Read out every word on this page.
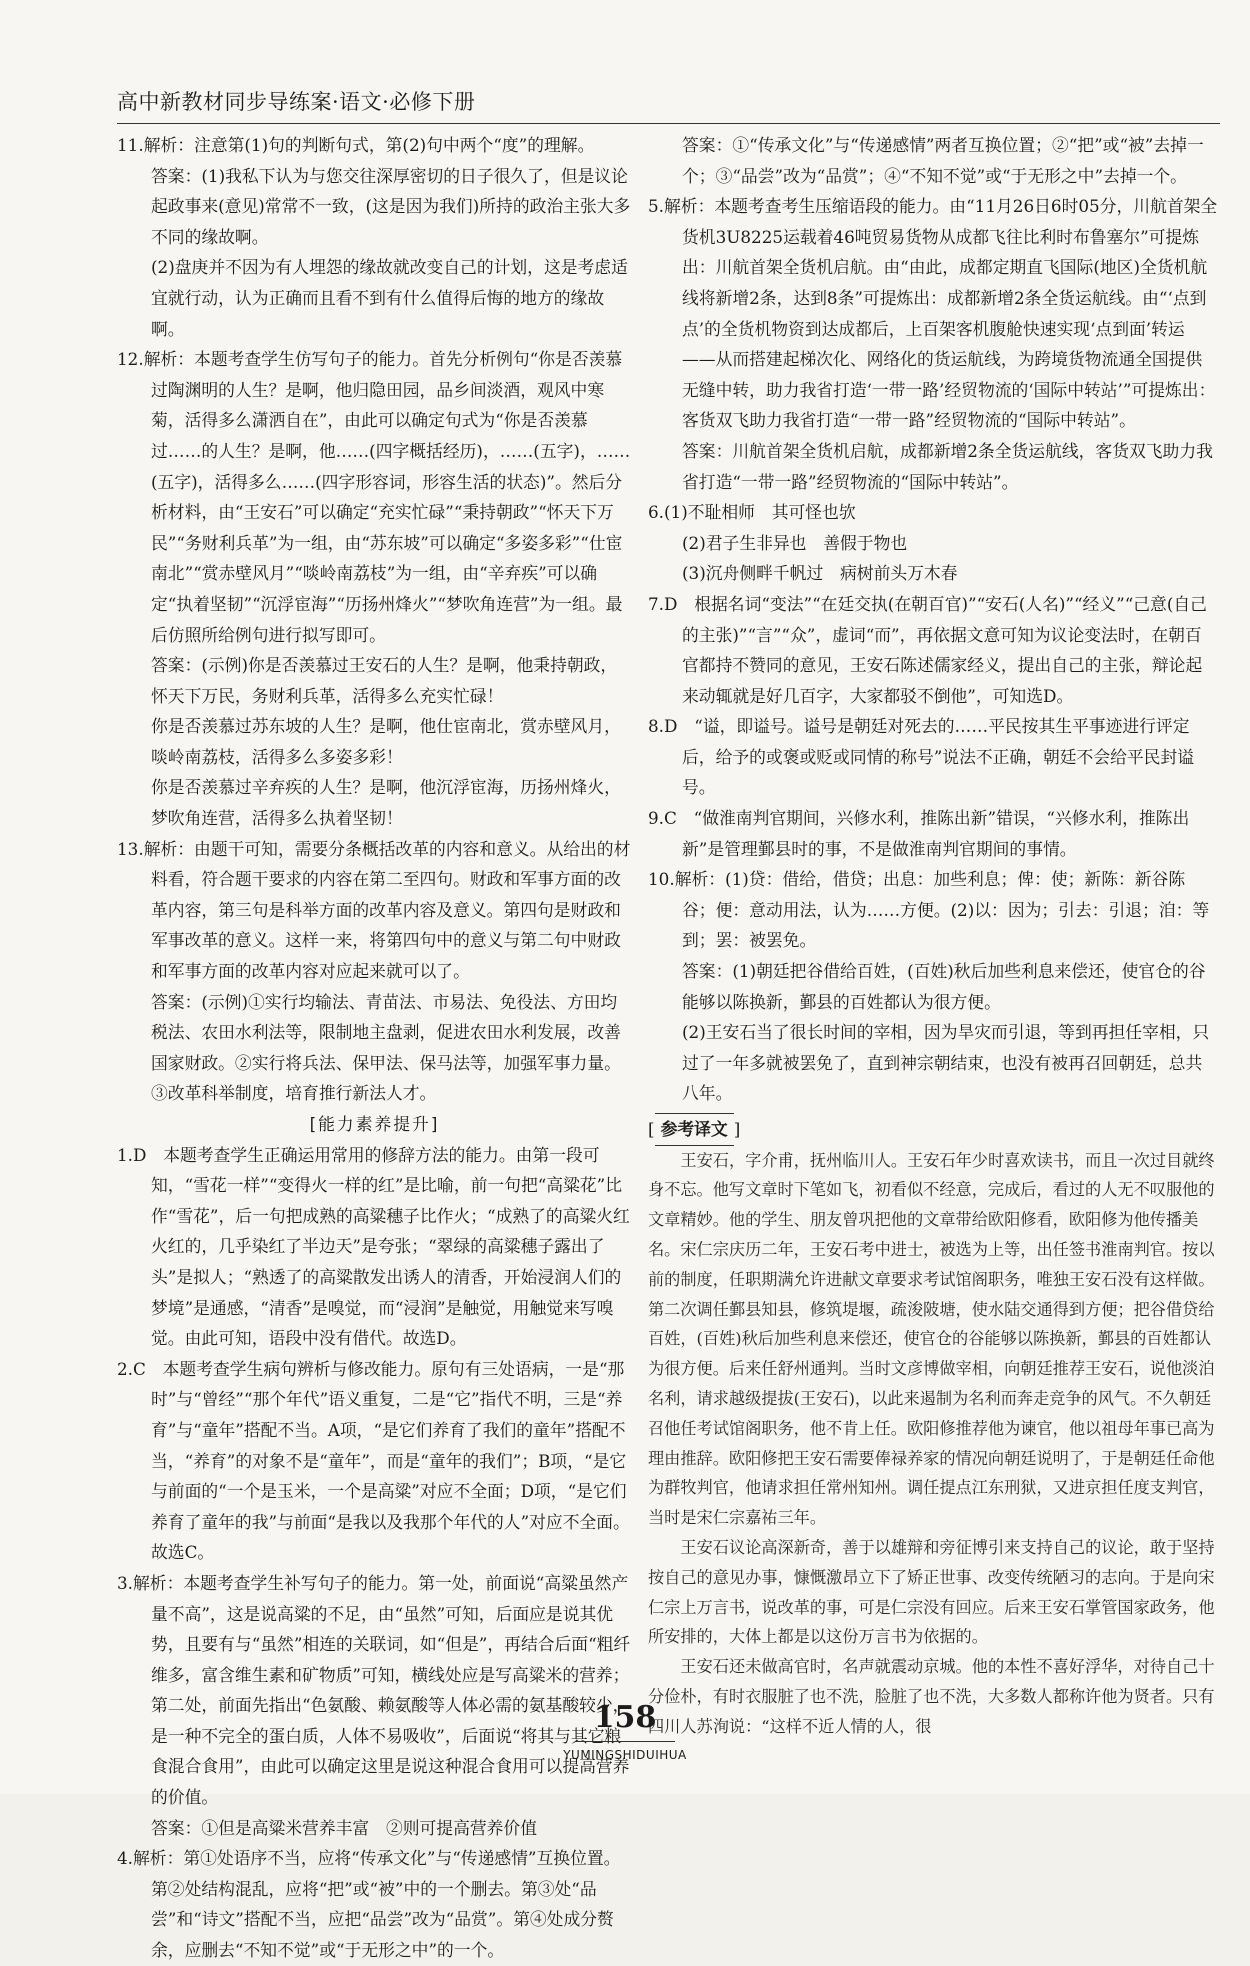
高中新教材同步导练案·语文·必修下册

11.解析：注意第(1)句的判断句式，第(2)句中两个“度”的理解。

答案：(1)我私下认为与您交往深厚密切的日子很久了，但是议论起政事来(意见)常常不一致，(这是因为我们)所持的政治主张大多不同的缘故啊。

(2)盘庚并不因为有人埋怨的缘故就改变自己的计划，这是考虑适宜就行动，认为正确而且看不到有什么值得后悔的地方的缘故啊。

12.解析：本题考查学生仿写句子的能力。首先分析例句“你是否羡慕过陶渊明的人生？是啊，他归隐田园，品乡间淡酒，观风中寒菊，活得多么潇洒自在”，由此可以确定句式为“你是否羡慕过……的人生？是啊，他……(四字概括经历)，……(五字)，……(五字)，活得多么……(四字形容词，形容生活的状态)”。然后分析材料，由“王安石”可以确定“充实忙碌”“秉持朝政”“怀天下万民”“务财利兵革”为一组，由“苏东坡”可以确定“多姿多彩”“仕宦南北”“赏赤壁风月”“啖岭南荔枝”为一组，由“辛弃疾”可以确定“执着坚韧”“沉浮宦海”“历扬州烽火”“梦吹角连营”为一组。最后仿照所给例句进行拟写即可。

答案：(示例)你是否羡慕过王安石的人生？是啊，他秉持朝政，怀天下万民，务财利兵革，活得多么充实忙碌！

你是否羡慕过苏东坡的人生？是啊，他仕宦南北，赏赤壁风月，啖岭南荔枝，活得多么多姿多彩！

你是否羡慕过辛弃疾的人生？是啊，他沉浮宦海，历扬州烽火，梦吹角连营，活得多么执着坚韧！

13.解析：由题干可知，需要分条概括改革的内容和意义。从给出的材料看，符合题干要求的内容在第二至四句。财政和军事方面的改革内容，第三句是科举方面的改革内容及意义。第四句是财政和军事改革的意义。这样一来，将第四句中的意义与第二句中财政和军事方面的改革内容对应起来就可以了。

答案：(示例)①实行均输法、青苗法、市易法、免役法、方田均税法、农田水利法等，限制地主盘剥，促进农田水利发展，改善国家财政。②实行将兵法、保甲法、保马法等，加强军事力量。③改革科举制度，培育推行新法人才。

[能力素养提升]

1.D　本题考查学生正确运用常用的修辞方法的能力。由第一段可知，“雪花一样”“变得火一样的红”是比喻，前一句把“高粱花”比作“雪花”，后一句把成熟的高粱穗子比作火；“成熟了的高粱火红火红的，几乎染红了半边天”是夸张；“翠绿的高粱穗子露出了头”是拟人；“熟透了的高粱散发出诱人的清香，开始浸润人们的梦境”是通感，“清香”是嗅觉，而“浸润”是触觉，用触觉来写嗅觉。由此可知，语段中没有借代。故选D。

2.C　本题考查学生病句辨析与修改能力。原句有三处语病，一是“那时”与“曾经”“那个年代”语义重复，二是“它”指代不明，三是“养育”与“童年”搭配不当。A项，“是它们养育了我们的童年”搭配不当，“养育”的对象不是“童年”，而是“童年的我们”；B项，“是它与前面的“一个是玉米，一个是高粱”对应不全面；D项，“是它们养育了童年的我”与前面“是我以及我那个年代的人”对应不全面。故选C。

3.解析：本题考查学生补写句子的能力。第一处，前面说“高粱虽然产量不高”，这是说高粱的不足，由“虽然”可知，后面应是说其优势，且要有与“虽然”相连的关联词，如“但是”，再结合后面“粗纤维多，富含维生素和矿物质”可知，横线处应是写高粱米的营养；第二处，前面先指出“色氨酸、赖氨酸等人体必需的氨基酸较少，是一种不完全的蛋白质，人体不易吸收”，后面说“将其与其它粮食混合食用”，由此可以确定这里是说这种混合食用可以提高营养的价值。

答案：①但是高粱米营养丰富　②则可提高营养价值

4.解析：第①处语序不当，应将“传承文化”与“传递感情”互换位置。第②处结构混乱，应将“把”或“被”中的一个删去。第③处“品尝”和“诗文”搭配不当，应把“品尝”改为“品赏”。第④处成分赘余，应删去“不知不觉”或“于无形之中”的一个。

答案：①“传承文化”与“传递感情”两者互换位置；②“把”或“被”去掉一个；③“品尝”改为“品赏”；④“不知不觉”或“于无形之中”去掉一个。

5.解析：本题考查考生压缩语段的能力。由“11月26日6时05分，川航首架全货机3U8225运载着46吨贸易货物从成都飞往比利时布鲁塞尔”可提炼出：川航首架全货机启航。由“由此，成都定期直飞国际(地区)全货机航线将新增2条，达到8条”可提炼出：成都新增2条全货运航线。由“‘点到点’的全货机物资到达成都后，上百架客机腹舱快速实现‘点到面’转运——从而搭建起梯次化、网络化的货运航线，为跨境货物流通全国提供无缝中转，助力我省打造‘一带一路’经贸物流的‘国际中转站’”可提炼出：客货双飞助力我省打造“一带一路”经贸物流的“国际中转站”。

答案：川航首架全货机启航，成都新增2条全货运航线，客货双飞助力我省打造“一带一路”经贸物流的“国际中转站”。

6.(1)不耻相师　其可怪也欤

(2)君子生非异也　善假于物也

(3)沉舟侧畔千帆过　病树前头万木春

7.D　根据名词“变法”“在廷交执(在朝百官)”“安石(人名)”“经义”“己意(自己的主张)”“言”“众”，虚词“而”，再依据文意可知为议论变法时，在朝百官都持不赞同的意见，王安石陈述儒家经义，提出自己的主张，辩论起来动辄就是好几百字，大家都驳不倒他”，可知选D。

8.D　“谥，即谥号。谥号是朝廷对死去的……平民按其生平事迹进行评定后，给予的或褒或贬或同情的称号”说法不正确，朝廷不会给平民封谥号。

9.C　“做淮南判官期间，兴修水利，推陈出新”错误，“兴修水利，推陈出新”是管理鄞县时的事，不是做淮南判官期间的事情。

10.解析：(1)贷：借给，借贷；出息：加些利息；俾：使；新陈：新谷陈谷；便：意动用法，认为……方便。(2)以：因为；引去：引退；洎：等到；罢：被罢免。

答案：(1)朝廷把谷借给百姓，(百姓)秋后加些利息来偿还，使官仓的谷能够以陈换新，鄞县的百姓都认为很方便。

(2)王安石当了很长时间的宰相，因为旱灾而引退，等到再担任宰相，只过了一年多就被罢免了，直到神宗朝结束，也没有被再召回朝廷，总共八年。

[ 参考译文 ]

王安石，字介甫，抚州临川人。王安石年少时喜欢读书，而且一次过目就终身不忘。他写文章时下笔如飞，初看似不经意，完成后，看过的人无不叹服他的文章精妙。他的学生、朋友曾巩把他的文章带给欧阳修看，欧阳修为他传播美名。宋仁宗庆历二年，王安石考中进士，被选为上等，出任签书淮南判官。按以前的制度，任职期满允许进献文章要求考试馆阁职务，唯独王安石没有这样做。第二次调任鄞县知县，修筑堤堰，疏浚陂塘，使水陆交通得到方便；把谷借贷给百姓，(百姓)秋后加些利息来偿还，使官仓的谷能够以陈换新，鄞县的百姓都认为很方便。后来任舒州通判。当时文彦博做宰相，向朝廷推荐王安石，说他淡泊名利，请求越级提拔(王安石)，以此来遏制为名利而奔走竞争的风气。不久朝廷召他任考试馆阁职务，他不肯上任。欧阳修推荐他为谏官，他以祖母年事已高为理由推辞。欧阳修把王安石需要俸禄养家的情况向朝廷说明了，于是朝廷任命他为群牧判官，他请求担任常州知州。调任提点江东刑狱，又进京担任度支判官，当时是宋仁宗嘉祐三年。

王安石议论高深新奇，善于以雄辩和旁征博引来支持自己的议论，敢于坚持按自己的意见办事，慷慨激昂立下了矫正世事、改变传统陋习的志向。于是向宋仁宗上万言书，说改革的事，可是仁宗没有回应。后来王安石掌管国家政务，他所安排的，大体上都是以这份万言书为依据的。

王安石还未做高官时，名声就震动京城。他的本性不喜好浮华，对待自己十分俭朴，有时衣服脏了也不洗，脸脏了也不洗，大多数人都称许他为贤者。只有四川人苏洵说：“这样不近人情的人，很

158
YUMINGSHIDUIHUA
